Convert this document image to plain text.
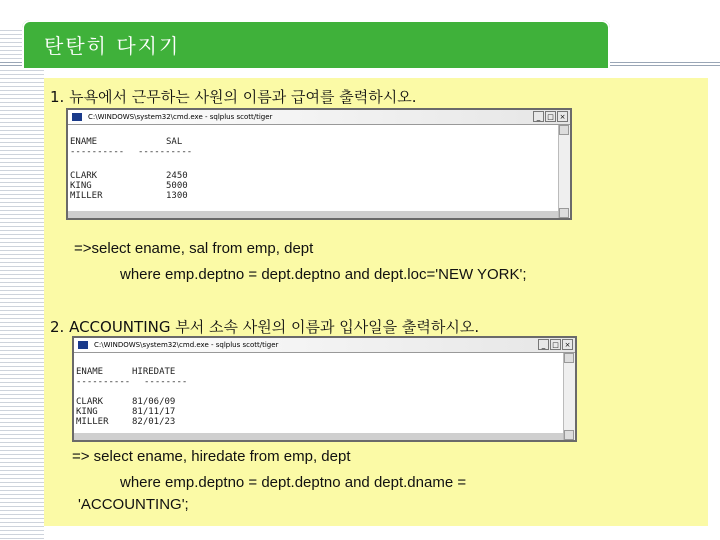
탄탄히 다지기
1. 뉴욕에서 근무하는 사원의 이름과 급여를 출력하시오.
C:\WINDOWS\system32\cmd.exe - sqlplus scott/tiger	_ □ ×
ENAME	SAL
---------- ----------
CLARK	2450
KING	5000
MILLER	1300
=>select ename, sal from emp, dept
where emp.deptno = dept.deptno and dept.loc='NEW YORK';
2. ACCOUNTING 부서 소속 사원의 이름과 입사일을 출력하시오.
C:\WINDOWS\system32\cmd.exe - sqlplus scott/tiger	_ □ ×
ENAME	HIREDATE
---------- --------
CLARK	81/06/09
KING	81/11/17
MILLER	82/01/23
=> select ename, hiredate from emp, dept
where emp.deptno = dept.deptno and dept.dname =
'ACCOUNTING';
